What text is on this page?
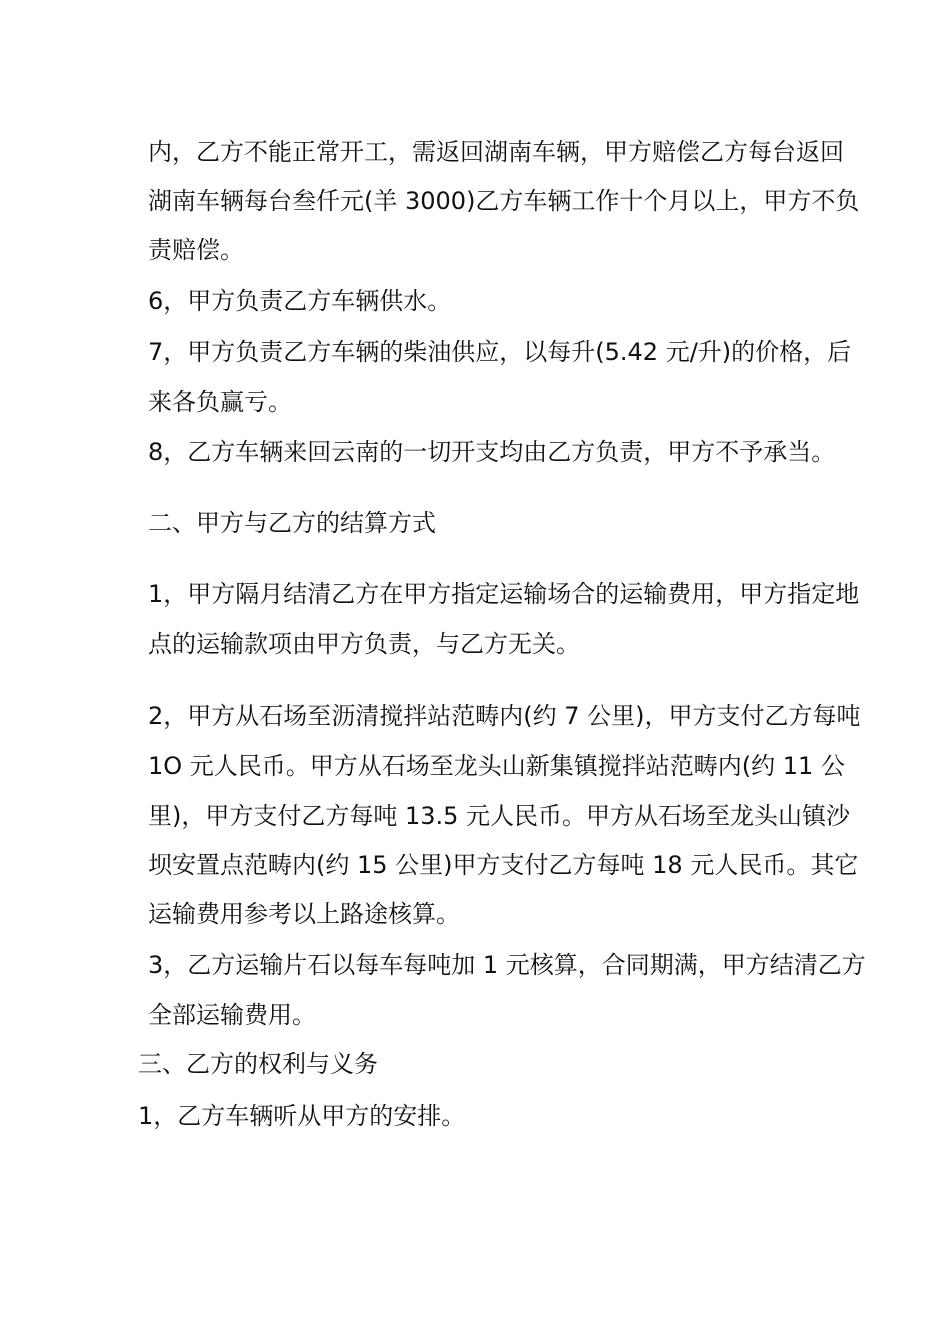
内，乙方不能正常开工，需返回湖南车辆，甲方赔偿乙方每台返回
湖南车辆每台叁仟元(羊 3000)乙方车辆工作十个月以上，甲方不负
责赔偿。
6，甲方负责乙方车辆供水。
7，甲方负责乙方车辆的柴油供应，以每升(5.42 元/升)的价格，后
来各负赢亏。
8，乙方车辆来回云南的一切开支均由乙方负责，甲方不予承当。
二、甲方与乙方的结算方式
1，甲方隔月结清乙方在甲方指定运输场合的运输费用，甲方指定地
点的运输款项由甲方负责，与乙方无关。
2，甲方从石场至沥清搅拌站范畴内(约 7 公里)，甲方支付乙方每吨
1O 元人民币。甲方从石场至龙头山新集镇搅拌站范畴内(约 11 公
里)，甲方支付乙方每吨 13.5 元人民币。甲方从石场至龙头山镇沙
坝安置点范畴内(约 15 公里)甲方支付乙方每吨 18 元人民币。其它
运输费用参考以上路途核算。
3，乙方运输片石以每车每吨加 1 元核算，合同期满，甲方结清乙方
全部运输费用。
三、乙方的权利与义务
1，乙方车辆听从甲方的安排。
